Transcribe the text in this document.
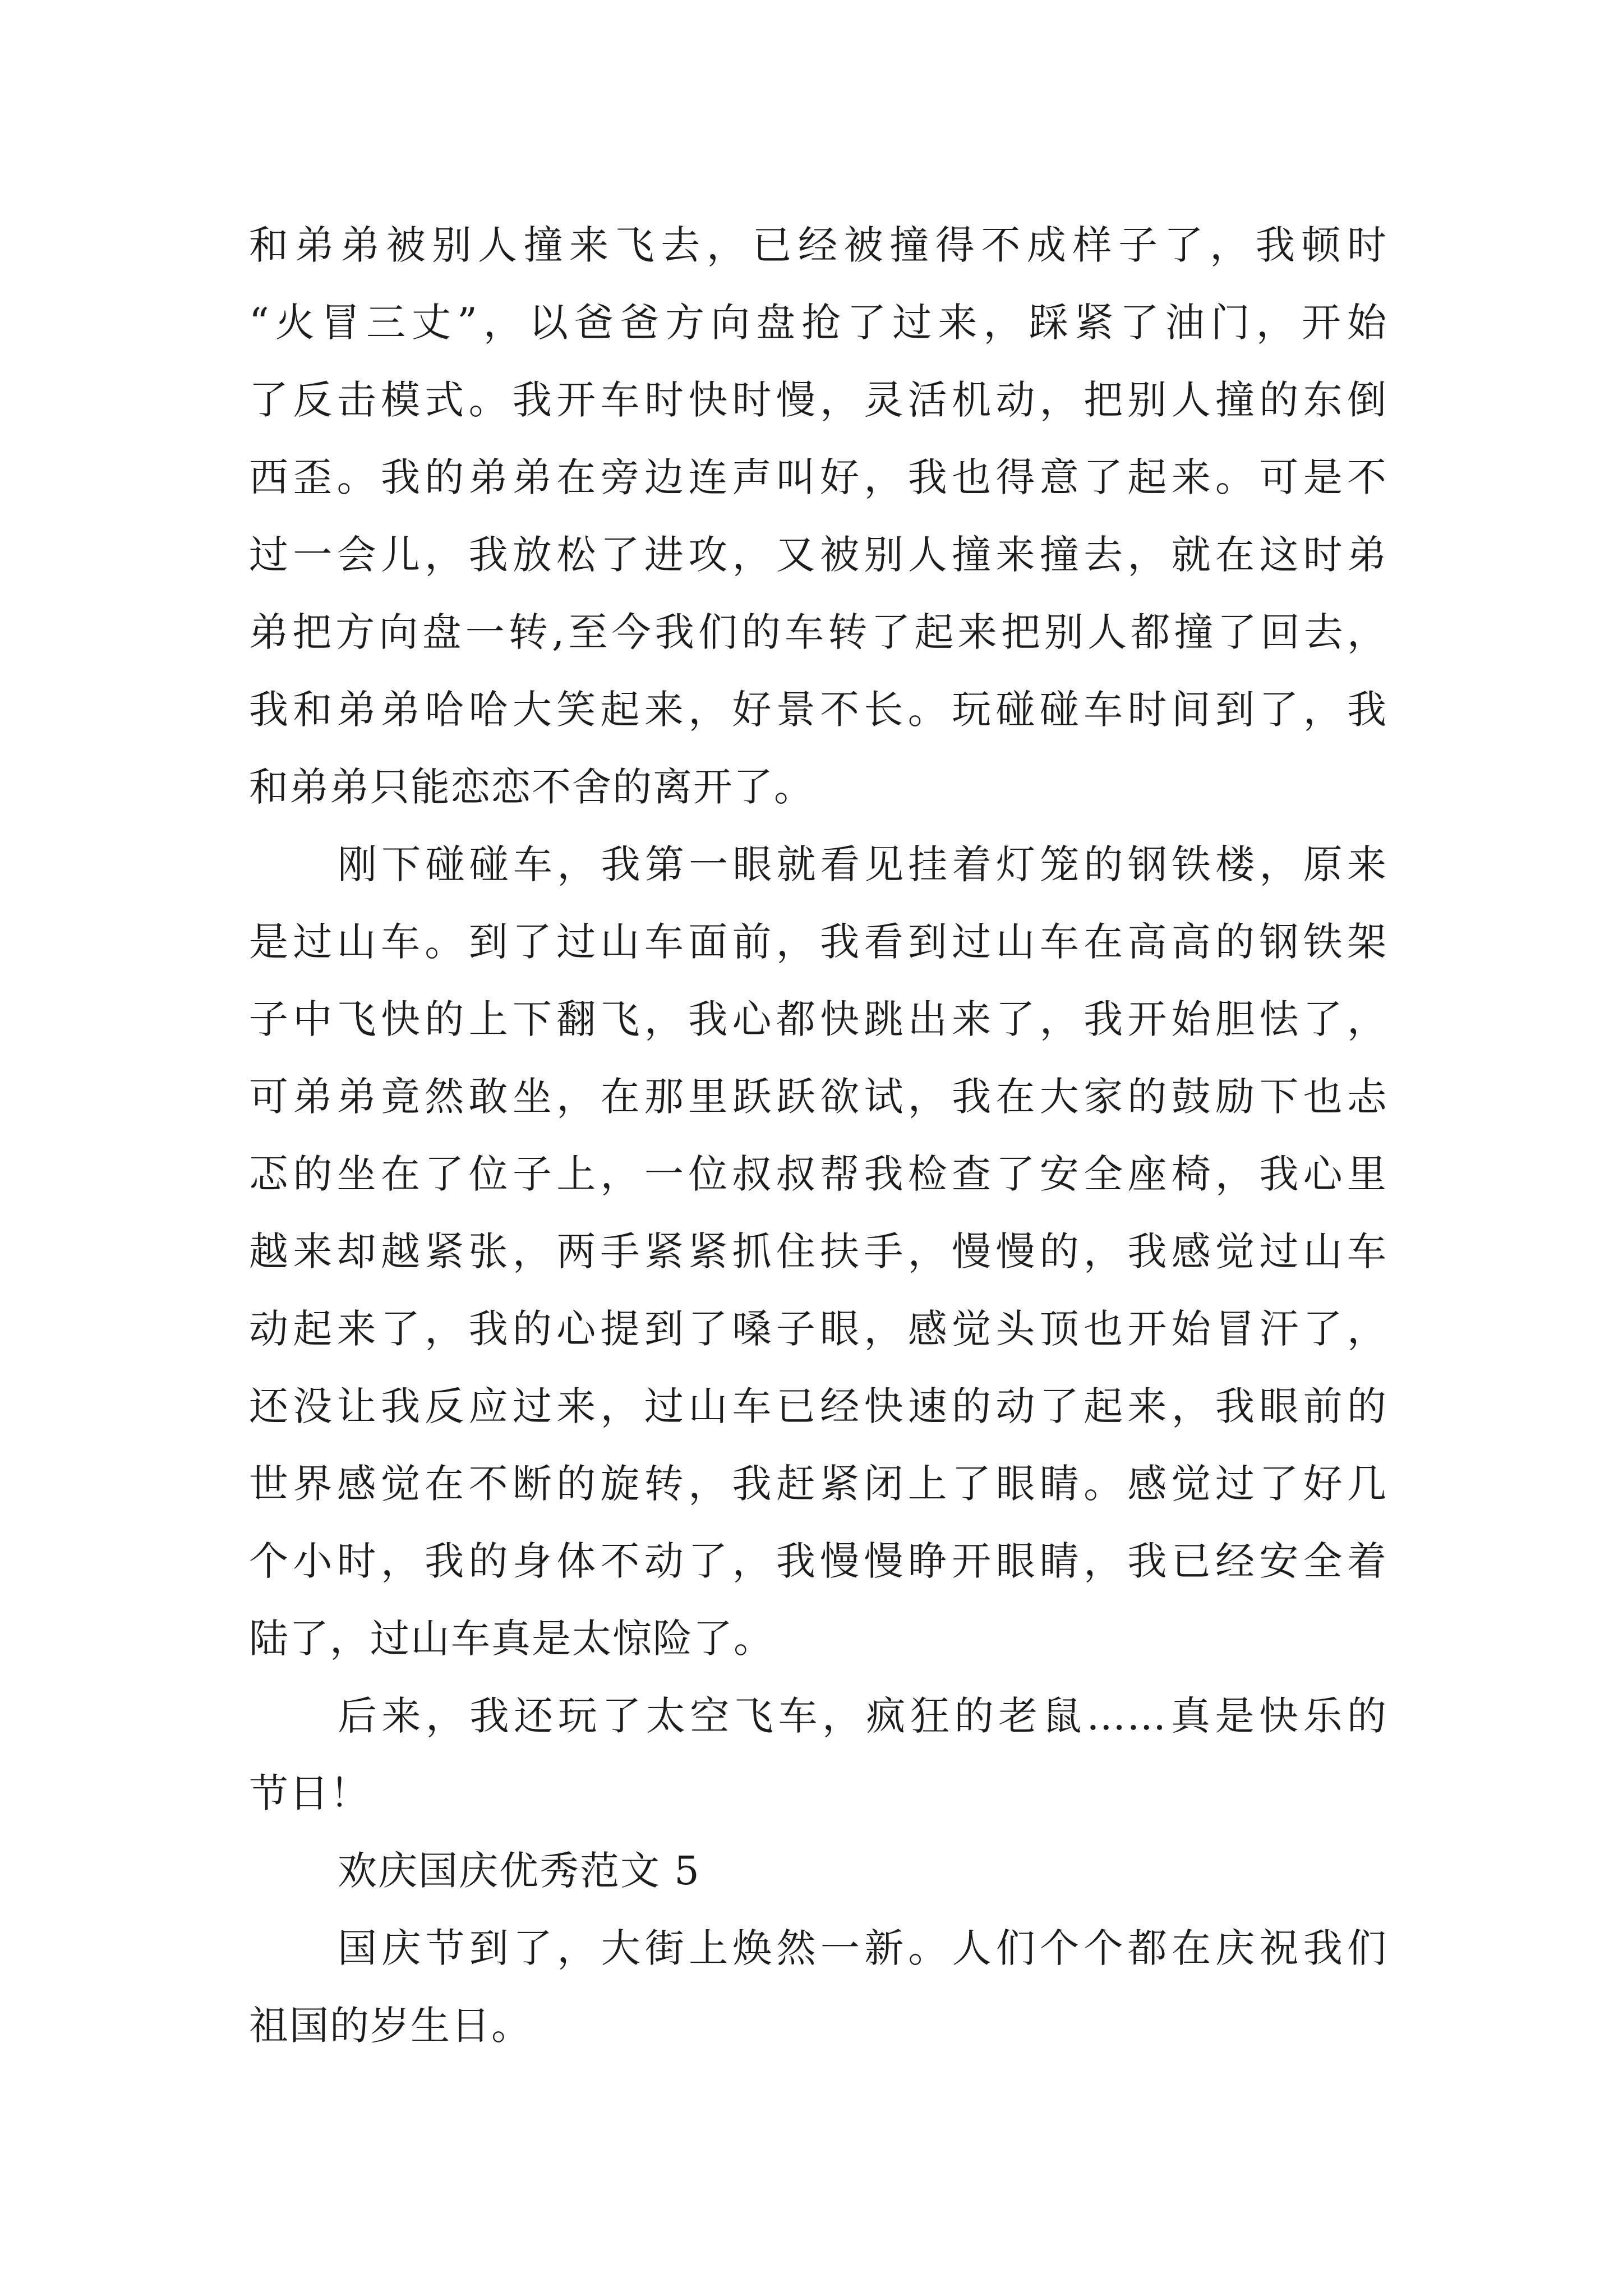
和弟弟被别人撞来飞去，已经被撞得不成样子了，我顿时
“火冒三丈”，以爸爸方向盘抢了过来，踩紧了油门，开始
了反击模式。我开车时快时慢，灵活机动，把别人撞的东倒
西歪。我的弟弟在旁边连声叫好，我也得意了起来。可是不
过一会儿，我放松了进攻，又被别人撞来撞去，就在这时弟
弟把方向盘一转,至今我们的车转了起来把别人都撞了回去，
我和弟弟哈哈大笑起来，好景不长。玩碰碰车时间到了，我
和弟弟只能恋恋不舍的离开了。
刚下碰碰车，我第一眼就看见挂着灯笼的钢铁楼，原来
是过山车。到了过山车面前，我看到过山车在高高的钢铁架
子中飞快的上下翻飞，我心都快跳出来了，我开始胆怯了，
可弟弟竟然敢坐，在那里跃跃欲试，我在大家的鼓励下也忐
忑的坐在了位子上，一位叔叔帮我检查了安全座椅，我心里
越来却越紧张，两手紧紧抓住扶手，慢慢的，我感觉过山车
动起来了，我的心提到了嗓子眼，感觉头顶也开始冒汗了，
还没让我反应过来，过山车已经快速的动了起来，我眼前的
世界感觉在不断的旋转，我赶紧闭上了眼睛。感觉过了好几
个小时，我的身体不动了，我慢慢睁开眼睛，我已经安全着
陆了，过山车真是太惊险了。
后来，我还玩了太空飞车，疯狂的老鼠……真是快乐的
节日！
欢庆国庆优秀范文 5
国庆节到了，大街上焕然一新。人们个个都在庆祝我们
祖国的岁生日。
